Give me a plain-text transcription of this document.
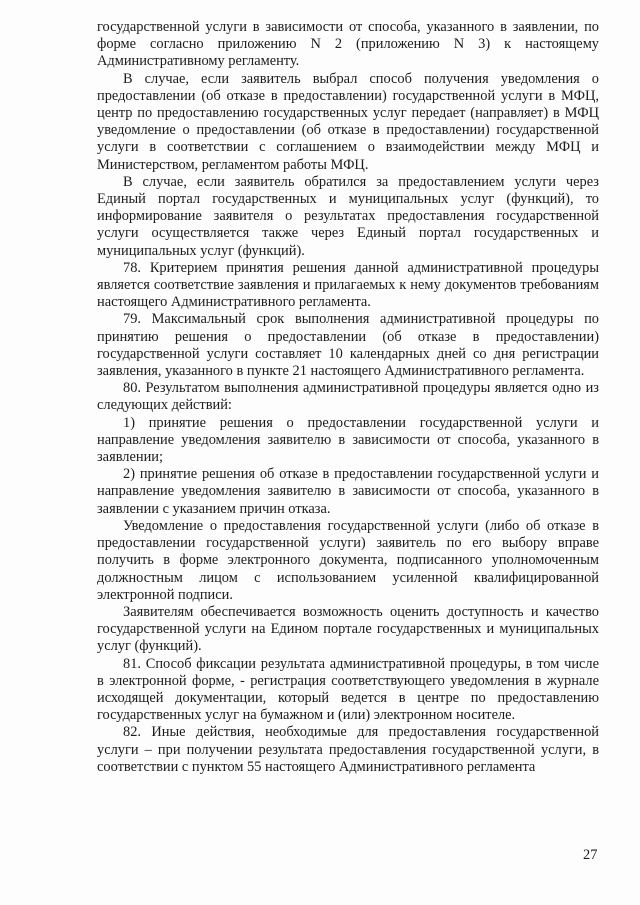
государственной услуги в зависимости от способа, указанного в заявлении, по форме согласно приложению N 2 (приложению N 3) к настоящему Административному регламенту.

В случае, если заявитель выбрал способ получения уведомления о предоставлении (об отказе в предоставлении) государственной услуги в МФЦ, центр по предоставлению государственных услуг передает (направляет) в МФЦ уведомление о предоставлении (об отказе в предоставлении) государственной услуги в соответствии с соглашением о взаимодействии между МФЦ и Министерством, регламентом работы МФЦ.

В случае, если заявитель обратился за предоставлением услуги через Единый портал государственных и муниципальных услуг (функций), то информирование заявителя о результатах предоставления государственной услуги осуществляется также через Единый портал государственных и муниципальных услуг (функций).

78. Критерием принятия решения данной административной процедуры является соответствие заявления и прилагаемых к нему документов требованиям настоящего Административного регламента.

79. Максимальный срок выполнения административной процедуры по принятию решения о предоставлении (об отказе в предоставлении) государственной услуги составляет 10 календарных дней со дня регистрации заявления, указанного в пункте 21 настоящего Административного регламента.

80. Результатом выполнения административной процедуры является одно из следующих действий:

1) принятие решения о предоставлении государственной услуги и направление уведомления заявителю в зависимости от способа, указанного в заявлении;

2) принятие решения об отказе в предоставлении государственной услуги и направление уведомления заявителю в зависимости от способа, указанного в заявлении с указанием причин отказа.

Уведомление о предоставления государственной услуги (либо об отказе в предоставлении государственной услуги) заявитель по его выбору вправе получить в форме электронного документа, подписанного уполномоченным должностным лицом с использованием усиленной квалифицированной электронной подписи.

Заявителям обеспечивается возможность оценить доступность и качество государственной услуги на Едином портале государственных и муниципальных услуг (функций).

81. Способ фиксации результата административной процедуры, в том числе в электронной форме, - регистрация соответствующего уведомления в журнале исходящей документации, который ведется в центре по предоставлению государственных услуг на бумажном и (или) электронном носителе.

82. Иные действия, необходимые для предоставления государственной услуги – при получении результата предоставления государственной услуги, в соответствии с пунктом 55 настоящего Административного регламента

27
